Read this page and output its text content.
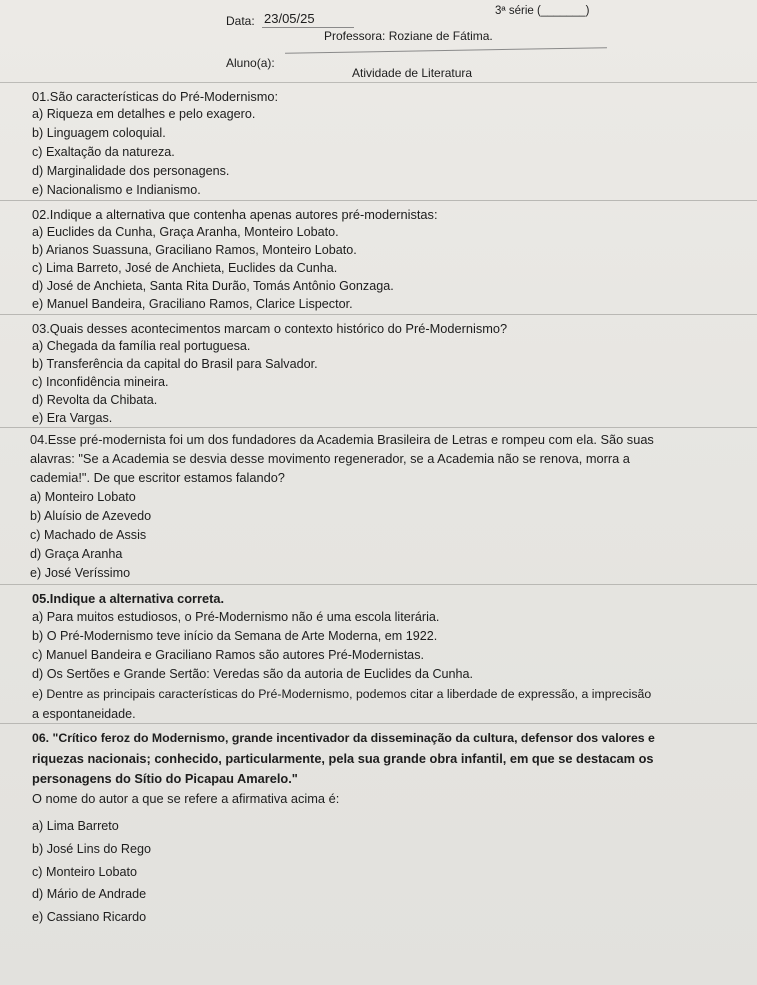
Data: 23/05/25	3ª série (_______)
Professora: Roziane de Fátima.
Aluno(a):
Atividade de Literatura
01.São características do Pré-Modernismo:
a) Riqueza em detalhes e pelo exagero.
b) Linguagem coloquial.
c) Exaltação da natureza.
d) Marginalidade dos personagens.
e) Nacionalismo e Indianismo.
02.Indique a alternativa que contenha apenas autores pré-modernistas:
a) Euclides da Cunha, Graça Aranha, Monteiro Lobato.
b) Arianos Suassuna, Graciliano Ramos, Monteiro Lobato.
c) Lima Barreto, José de Anchieta, Euclides da Cunha.
d) José de Anchieta, Santa Rita Durão, Tomás Antônio Gonzaga.
e) Manuel Bandeira, Graciliano Ramos, Clarice Lispector.
03.Quais desses acontecimentos marcam o contexto histórico do Pré-Modernismo?
a) Chegada da família real portuguesa.
b) Transferência da capital do Brasil para Salvador.
c) Inconfidência mineira.
d) Revolta da Chibata.
e) Era Vargas.
04.Esse pré-modernista foi um dos fundadores da Academia Brasileira de Letras e rompeu com ela. São suas
alavras: "Se a Academia se desvia desse movimento regenerador, se a Academia não se renova, morra a
cademia!". De que escritor estamos falando?
a) Monteiro Lobato
b) Aluísio de Azevedo
c) Machado de Assis
d) Graça Aranha
e) José Veríssimo
05.Indique a alternativa correta.
a) Para muitos estudiosos, o Pré-Modernismo não é uma escola literária.
b) O Pré-Modernismo teve início da Semana de Arte Moderna, em 1922.
c) Manuel Bandeira e Graciliano Ramos são autores Pré-Modernistas.
d) Os Sertões e Grande Sertão: Veredas são da autoria de Euclides da Cunha.
e) Dentre as principais características do Pré-Modernismo, podemos citar a liberdade de expressão, a imprecisão
a espontaneidade.
06. "Crítico feroz do Modernismo, grande incentivador da disseminação da cultura, defensor dos valores e
riquezas nacionais; conhecido, particularmente, pela sua grande obra infantil, em que se destacam os
personagens do Sítio do Picapau Amarelo."
O nome do autor a que se refere a afirmativa acima é:
a) Lima Barreto
b) José Lins do Rego
c) Monteiro Lobato
d) Mário de Andrade
e) Cassiano Ricardo
